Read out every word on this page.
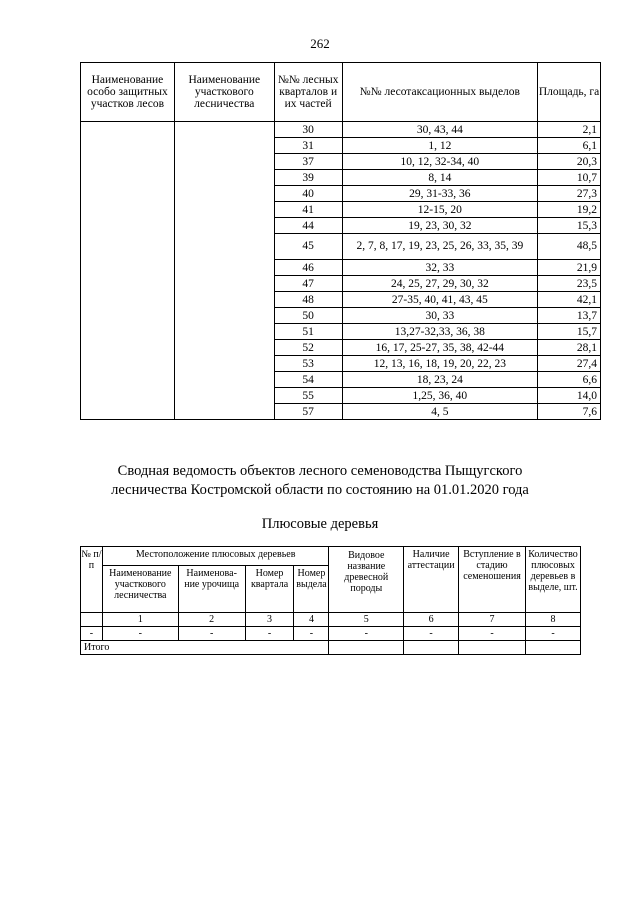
262
Наименование особо защитных участков лесов	Наименование участкового лесничества	№№ лесных кварталов и их частей	№№ лесотаксационных выделов	Площадь, га
		30	30, 43, 44	2,1
		31	1, 12	6,1
		37	10, 12, 32-34, 40	20,3
		39	8, 14	10,7
		40	29, 31-33, 36	27,3
		41	12-15, 20	19,2
		44	19, 23, 30, 32	15,3
		45	2, 7, 8, 17, 19, 23, 25, 26, 33, 35, 39	48,5
		46	32, 33	21,9
		47	24, 25, 27, 29, 30, 32	23,5
		48	27-35, 40, 41, 43, 45	42,1
		50	30, 33	13,7
		51	13,27-32,33, 36, 38	15,7
		52	16, 17, 25-27, 35, 38, 42-44	28,1
		53	12, 13, 16, 18, 19, 20, 22, 23	27,4
		54	18, 23, 24	6,6
		55	1,25, 36, 40	14,0
		57	4, 5	7,6
Сводная ведомость объектов лесного семеноводства Пыщугского
лесничества Костромской области по состоянию на 01.01.2020 года
Плюсовые деревья
№ п/п	Местоположение плюсовых деревьев				Видовое название древесной породы	Наличие аттестации	Вступление в стадию семеношения	Количество плюсовых деревьев в выделе, шт.
	Наименование участкового лесничества	Наименова- ние урочища	Номер квартала	Номер выдела				
	1	2	3	4	5	6	7	8
-	-	-	-	-	-	-	-	-
Итого								
